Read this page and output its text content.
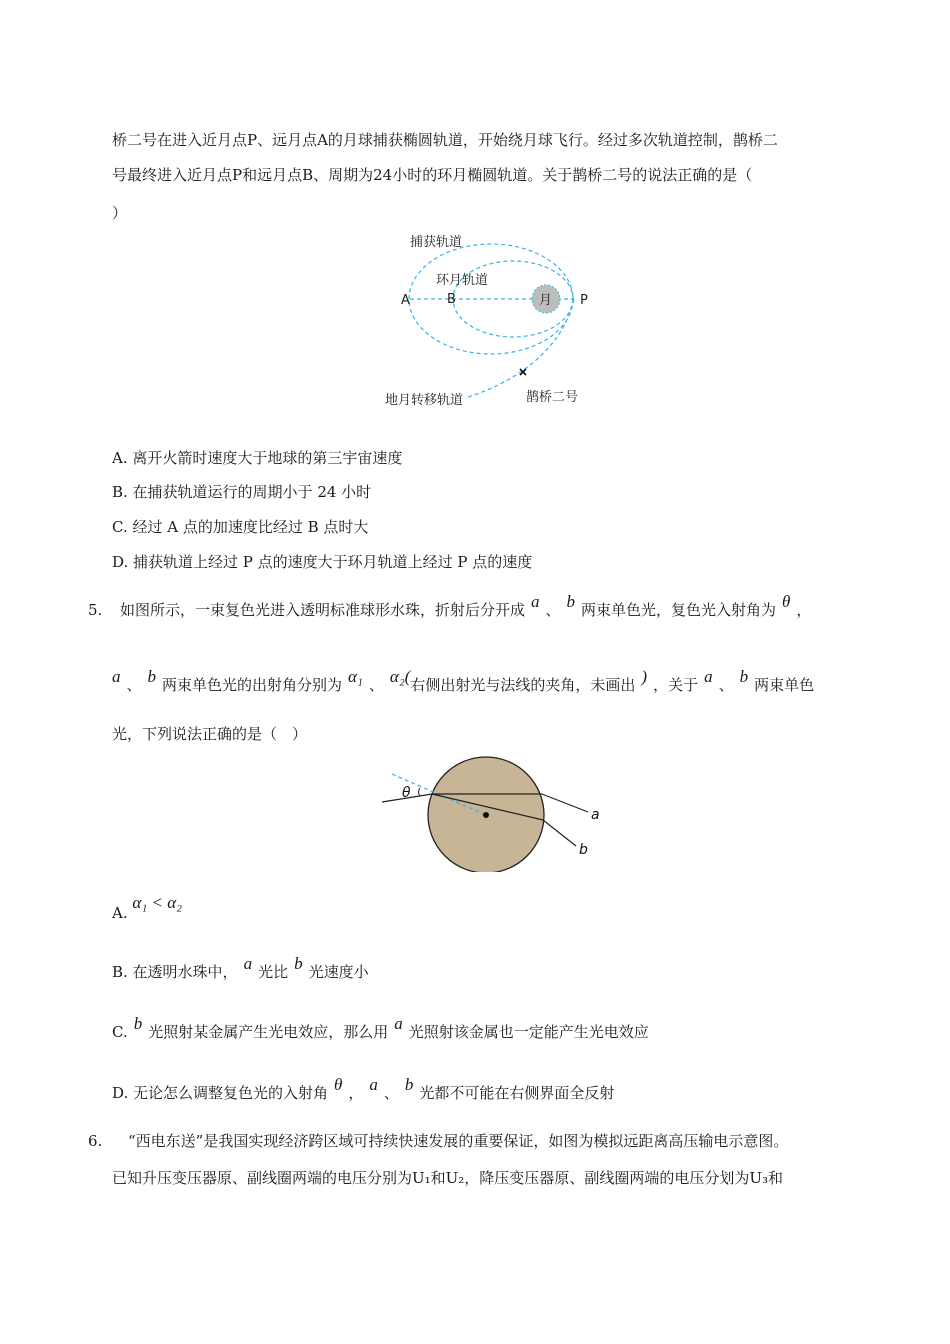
桥二号在进入近月点P、远月点A的月球捕获椭圆轨道，开始绕月球飞行。经过多次轨道控制，鹊桥二
号最终进入近月点P和远月点B、周期为24小时的环月椭圆轨道。关于鹊桥二号的说法正确的是（
）
月
捕获轨道
环月轨道
A	B	P
地月转移轨道	鹊桥二号
A. 离开火箭时速度大于地球的第三宇宙速度
B. 在捕获轨道运行的周期小于 24 小时
C. 经过 A 点的加速度比经过 B 点时大
D. 捕获轨道上经过 P 点的速度大于环月轨道上经过 P 点的速度
5. 如图所示，一束复色光进入透明标准球形水珠，折射后分开成 a 、 b 两束单色光，复色光入射角为 θ ，
a 、 b 两束单色光的出射角分别为 α₁ 、 α₂(右侧出射光与法线的夹角，未画出 ) ，关于 a 、 b 两束单色
光，下列说法正确的是（　）
θ
a
b
A. α₁ < α₂
B. 在透明水珠中， a 光比 b 光速度小
C. b 光照射某金属产生光电效应，那么用 a 光照射该金属也一定能产生光电效应
D. 无论怎么调整复色光的入射角 θ ， a 、 b 光都不可能在右侧界面全反射
6. “西电东送”是我国实现经济跨区域可持续快速发展的重要保证，如图为模拟远距离高压输电示意图。
已知升压变压器原、副线圈两端的电压分别为U₁和U₂，降压变压器原、副线圈两端的电压分划为U₃和
